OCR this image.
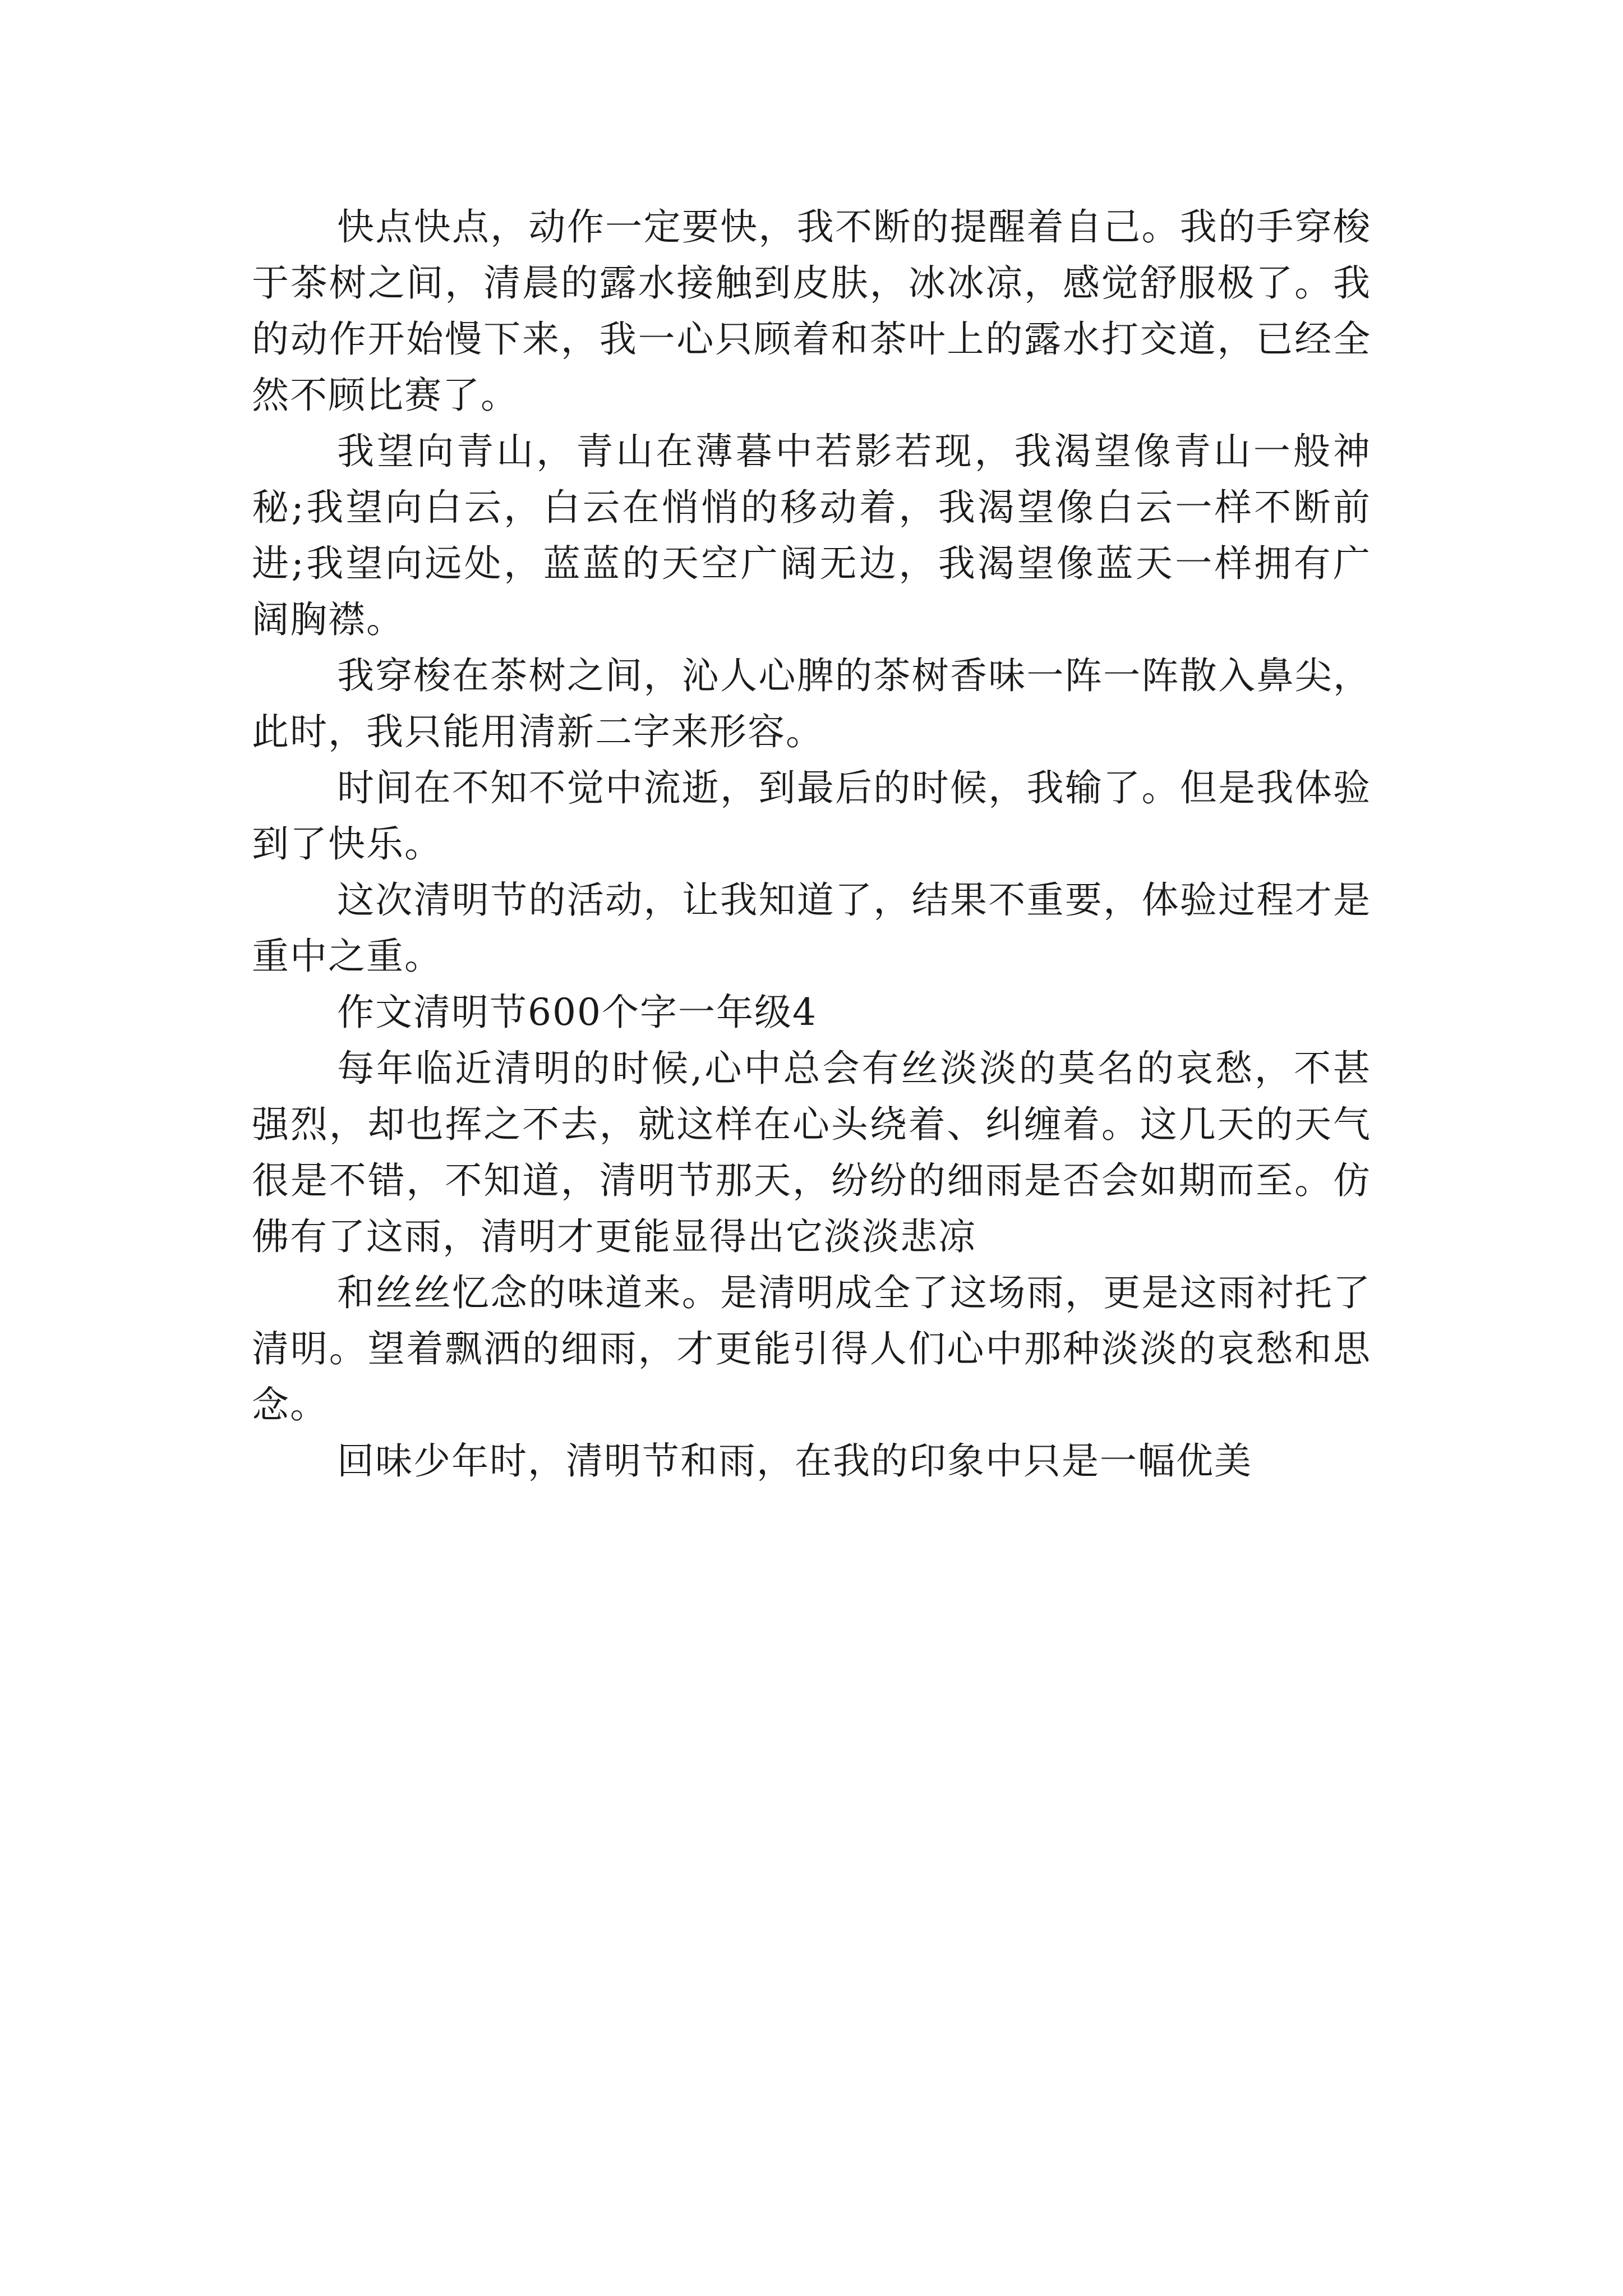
快点快点，动作一定要快，我不断的提醒着自己。我的手穿梭于茶树之间，清晨的露水接触到皮肤，冰冰凉，感觉舒服极了。我的动作开始慢下来，我一心只顾着和茶叶上的露水打交道，已经全然不顾比赛了。

我望向青山，青山在薄暮中若影若现，我渴望像青山一般神秘;我望向白云，白云在悄悄的移动着，我渴望像白云一样不断前进;我望向远处，蓝蓝的天空广阔无边，我渴望像蓝天一样拥有广阔胸襟。

我穿梭在茶树之间，沁人心脾的茶树香味一阵一阵散入鼻尖，此时，我只能用清新二字来形容。

时间在不知不觉中流逝，到最后的时候，我输了。但是我体验到了快乐。

这次清明节的活动，让我知道了，结果不重要，体验过程才是重中之重。

作文清明节600个字一年级4

每年临近清明的时候,心中总会有丝淡淡的莫名的哀愁，不甚强烈，却也挥之不去，就这样在心头绕着、纠缠着。这几天的天气很是不错，不知道，清明节那天，纷纷的细雨是否会如期而至。仿佛有了这雨，清明才更能显得出它淡淡悲凉

和丝丝忆念的味道来。是清明成全了这场雨，更是这雨衬托了清明。望着飘洒的细雨，才更能引得人们心中那种淡淡的哀愁和思念。

回味少年时，清明节和雨，在我的印象中只是一幅优美
